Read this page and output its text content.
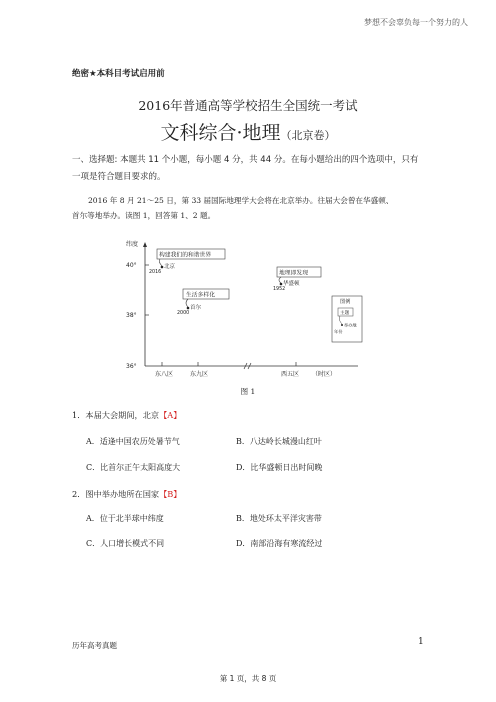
梦想不会辜负每一个努力的人
绝密★本科目考试启用前
2016年普通高等学校招生全国统一考试
文科综合·地理（北京卷）
一、选择题: 本题共 11 个小题，每小题 4 分，共 44 分。在每小题给出的四个选项中，只有
一项是符合题目要求的。
2016 年 8 月 21～25 日，第 33 届国际地理学大会将在北京举办。往届大会曾在华盛顿、
首尔等地举办。读图 1，回答第 1、2 题。
纬度
40°
38°
36°
东八区	东九区	西五区 （时区）
构建我们的和谐世界
北京
2016
生活多样化
首尔
2000
地理即发现
华盛顿
1952
图例
主题
举办地
年份
图 1
1．本届大会期间，北京【A】
A．适逢中国农历处暑节气	B．八达岭长城漫山红叶
C．比首尔正午太阳高度大	D．比华盛顿日出时间晚
2．图中举办地所在国家【B】
A．位于北半球中纬度	B．地处环太平洋灾害带
C．人口增长模式不同	D．南部沿海有寒流经过
历年高考真题	1
第 1 页，共 8 页
